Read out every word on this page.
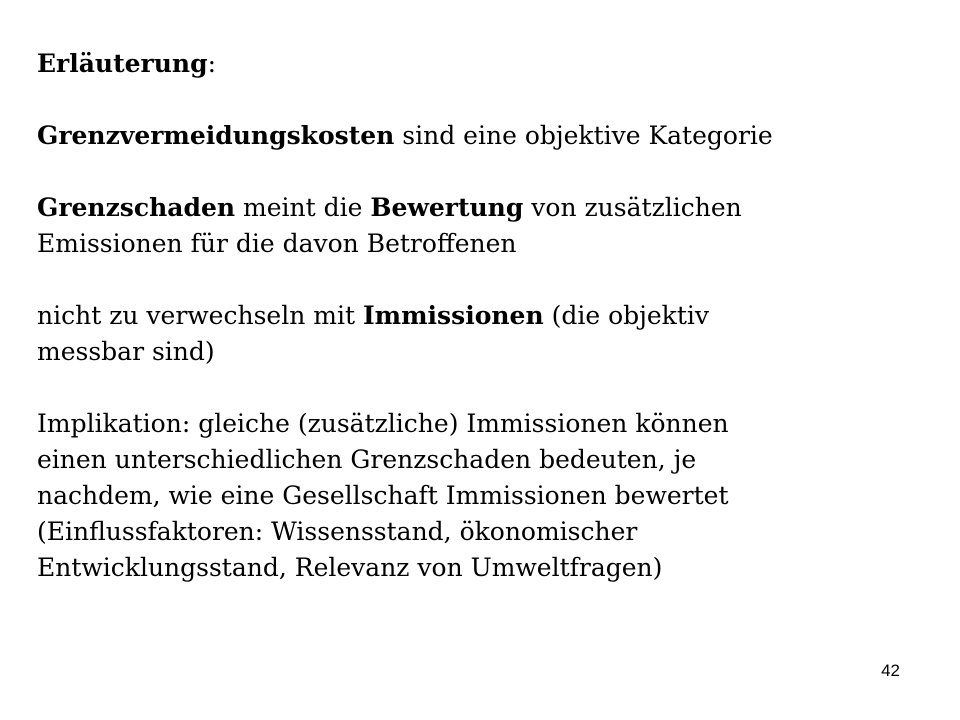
Erläuterung:
Grenzvermeidungskosten sind eine objektive Kategorie
Grenzschaden meint die Bewertung von zusätzlichen
Emissionen für die davon Betroffenen
nicht zu verwechseln mit Immissionen (die objektiv
messbar sind)
Implikation: gleiche (zusätzliche) Immissionen können
einen unterschiedlichen Grenzschaden bedeuten, je
nachdem, wie eine Gesellschaft Immissionen bewertet
(Einflussfaktoren: Wissensstand, ökonomischer
Entwicklungsstand, Relevanz von Umweltfragen)
42
